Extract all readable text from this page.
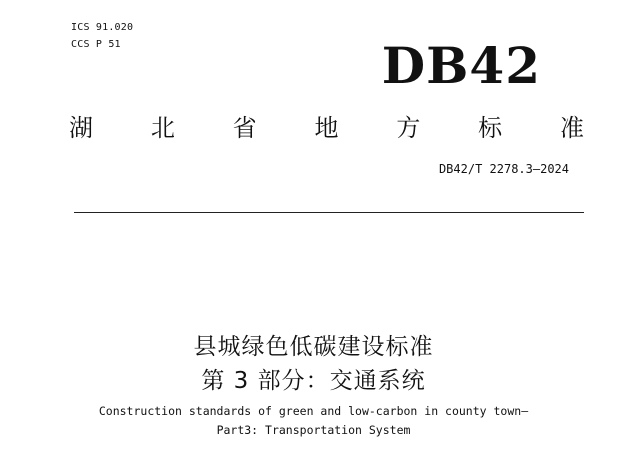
ICS 91.020
CCS P 51	DB42
湖 北 省 地 方 标 准
DB42/T 2278.3—2024
县城绿色低碳建设标准
第 3 部分：交通系统
Construction standards of green and low-carbon in county town—
Part3: Transportation System
